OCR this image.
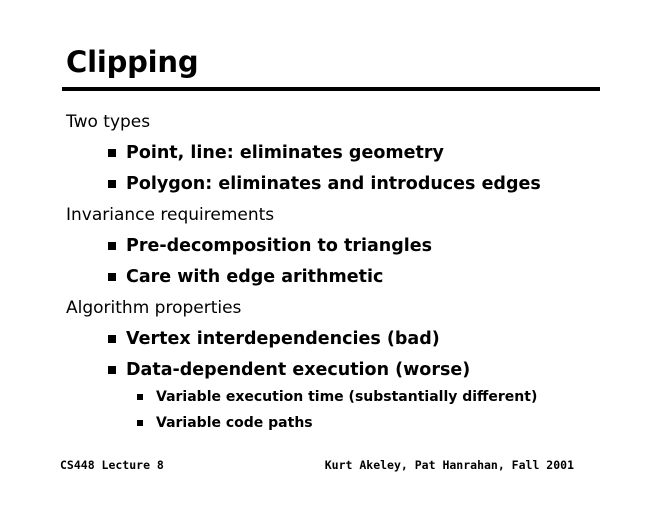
Clipping
Two types
Point, line: eliminates geometry
Polygon: eliminates and introduces edges
Invariance requirements
Pre-decomposition to triangles
Care with edge arithmetic
Algorithm properties
Vertex interdependencies (bad)
Data-dependent execution (worse)
Variable execution time (substantially different)
Variable code paths
CS448 Lecture 8	Kurt Akeley, Pat Hanrahan, Fall 2001
